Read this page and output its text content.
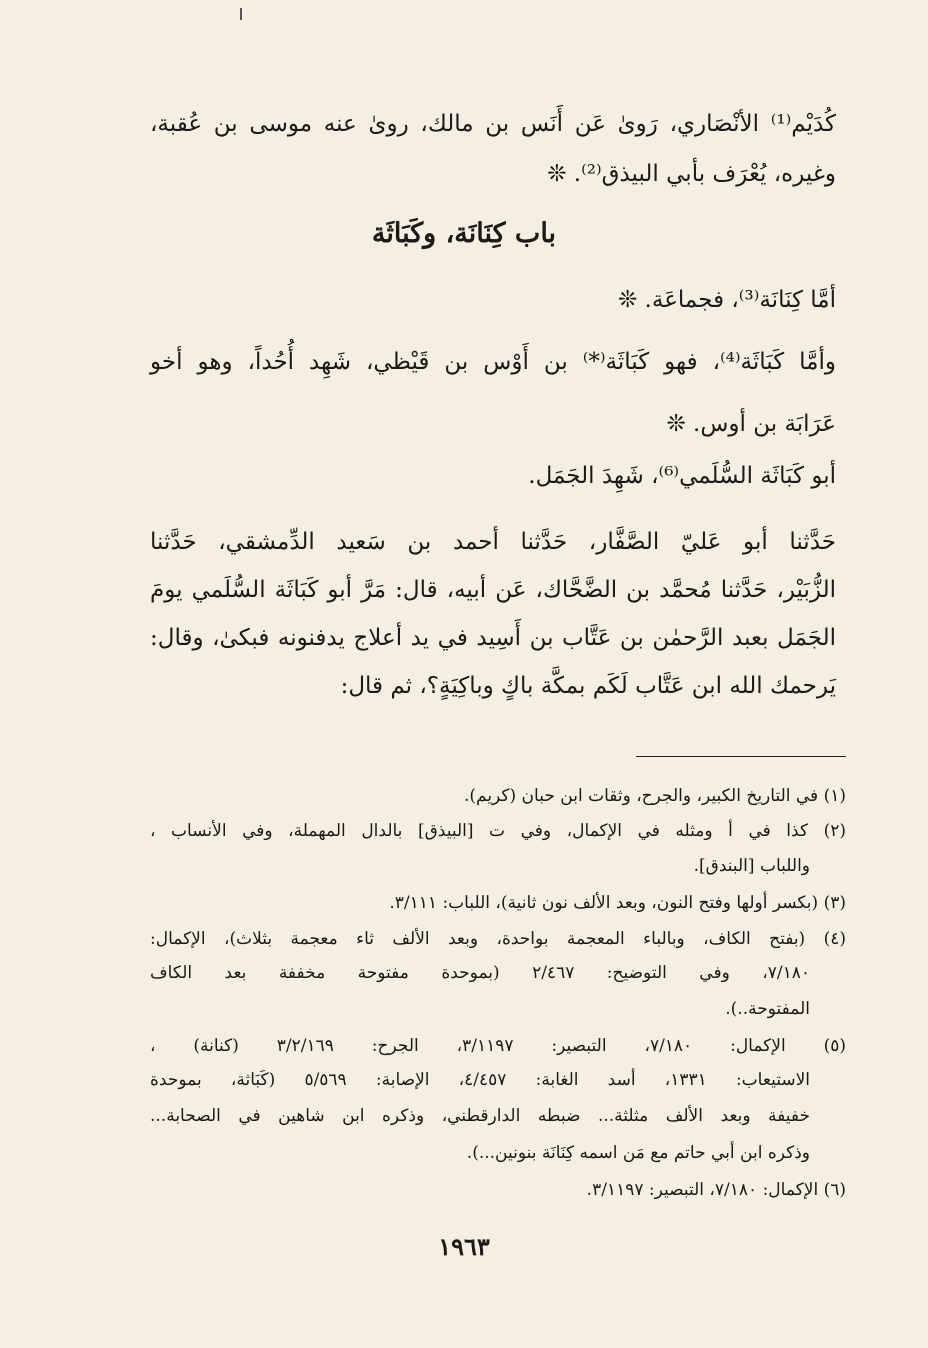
كُدَيْم⁽¹⁾ الأنْصَاري، رَوىٰ عَن أَنَس بن مالك، روىٰ عنه موسى بن عُقبة،
وغيره، يُعْرَف بأبي البيذق⁽²⁾. ❊
باب كِنَانَة، وكَبَاثَة
أمَّا كِنَانَة⁽³⁾، فجماعَة. ❊
وأمَّا كَبَاثَة⁽⁴⁾، فهو كَبَاثَة⁽*⁾ بن أَوْس بن قَيْظي، شَهِد أُحُداً، وهو أخو
عَرَابَة بن أوس. ❊
أبو كَبَاثَة السُّلَمي⁽⁶⁾، شَهِدَ الجَمَل.
حَدَّثنا أبو عَليّ الصَّفَّار، حَدَّثنا أحمد بن سَعيد الدِّمشقي، حَدَّثنا
الزُّبَيْر، حَدَّثنا مُحمَّد بن الضَّحَّاك، عَن أبيه، قال: مَرَّ أبو كَبَاثَة السُّلَمي يومَ
الجَمَل بعبد الرَّحمٰن بن عَتَّاب بن أَسِيد في يد أعلاج يدفنونه فبكىٰ، وقال:
يَرحمك الله ابن عَتَّاب لَكَم بمكَّة باكٍ وباكِيَةٍ؟، ثم قال:
(١) في التاريخ الكبير، والجرح، وثقات ابن حبان (كريم).
(٢) كذا في أ ومثله في الإكمال، وفي ت [البيذق] بالدال المهملة، وفي الأنساب ،
واللباب [البندق].
(٣) (بكسر أولها وفتح النون، وبعد الألف نون ثانية)، اللباب: ٣/١١١.
(٤) (بفتح الكاف، وبالباء المعجمة بواحدة، وبعد الألف ثاء معجمة بثلاث)، الإكمال:
٧/١٨٠، وفي التوضيح: ٢/٤٦٧ (بموحدة مفتوحة مخففة بعد الكاف
المفتوحة..).
(٥) الإكمال: ٧/١٨٠، التبصير: ٣/١١٩٧، الجرح: ٣/٢/١٦٩ (كنانة) ،
الاستيعاب: ١٣٣١، أسد الغابة: ٤/٤٥٧، الإصابة: ٥/٥٦٩ (كَبَاثة، بموحدة
خفيفة وبعد الألف مثلثة... ضبطه الدارقطني، وذكره ابن شاهين في الصحابة...
وذكره ابن أبي حاتم مع مَن اسمه كِنَانَة بنونين...).
(٦) الإكمال: ٧/١٨٠، التبصير: ٣/١١٩٧.
١٩٦٣
